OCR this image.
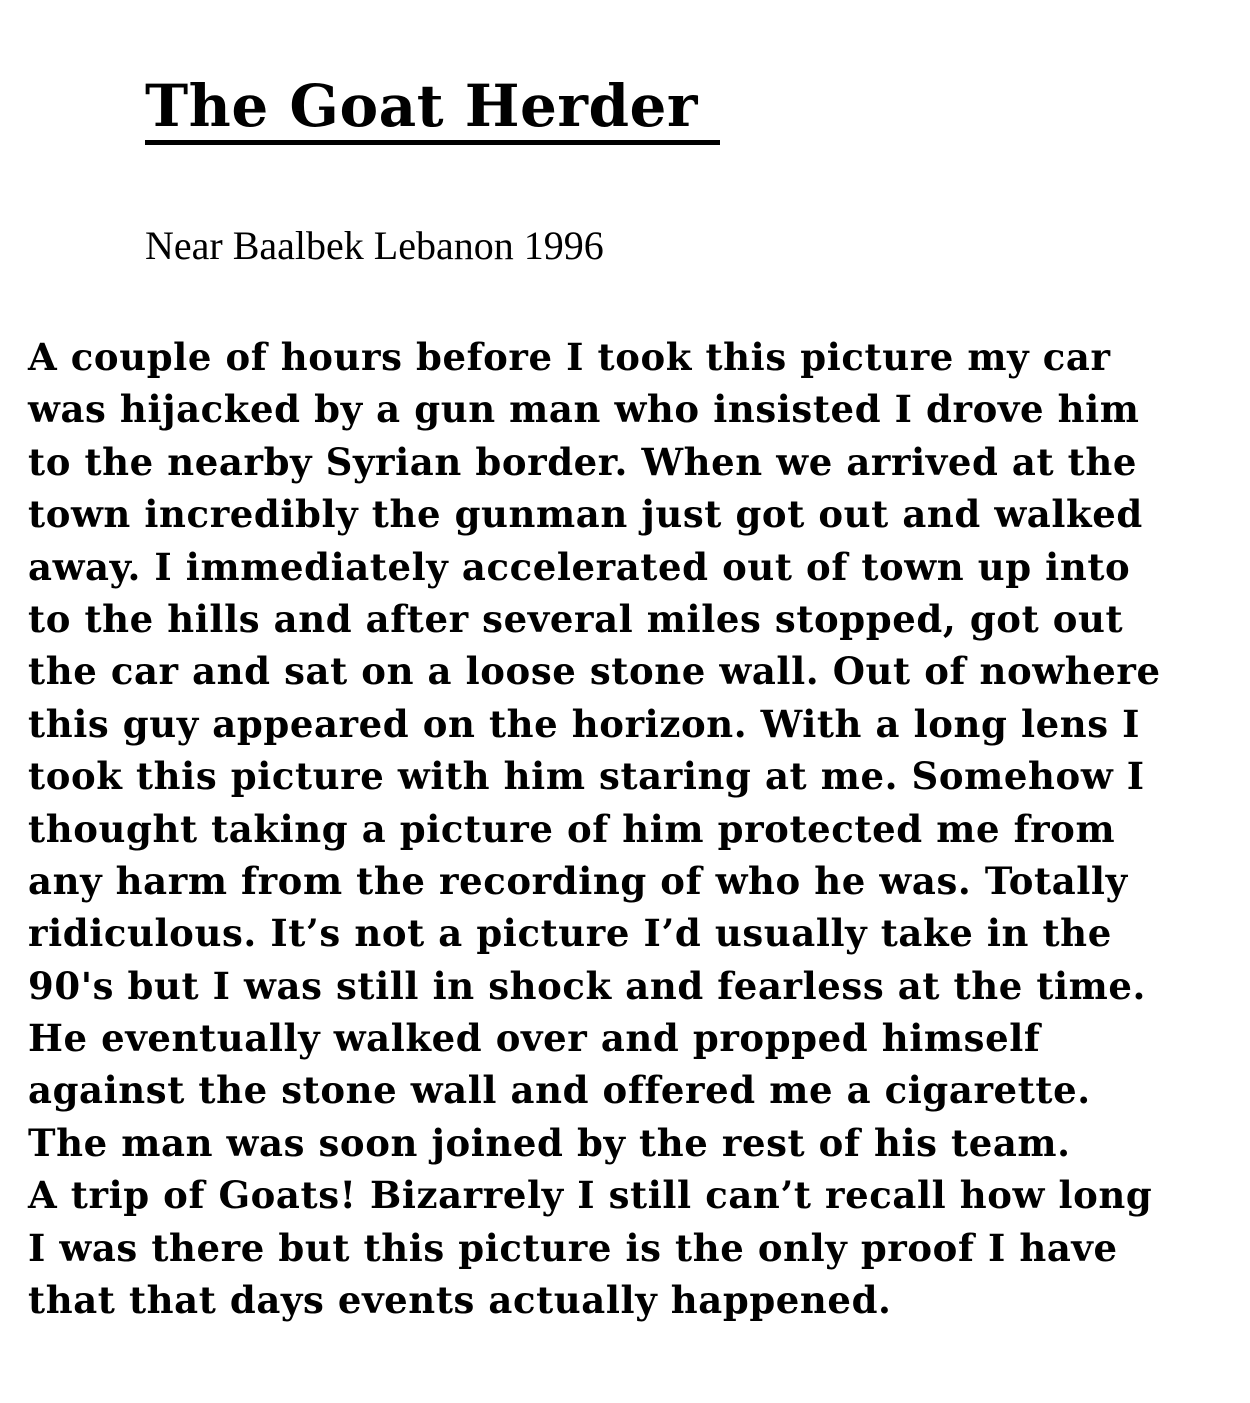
The Goat Herder

Near Baalbek Lebanon 1996

A couple of hours before I took this picture my car
was hijacked by a gun man who insisted I drove him
to the nearby Syrian border. When we arrived at the
town incredibly the gunman just got out and walked
away. I immediately accelerated out of town up into
to the hills and after several miles stopped, got out
the car and sat on a loose stone wall. Out of nowhere
this guy appeared on the horizon. With a long lens I
took this picture with him staring at me. Somehow I
thought taking a picture of him protected me from
any harm from the recording of who he was. Totally
ridiculous. It’s not a picture I’d usually take in the
90's but I was still in shock and fearless at the time.
He eventually walked over and propped himself
against the stone wall and offered me a cigarette.
The man was soon joined by the rest of his team.
A trip of Goats! Bizarrely I still can’t recall how long
I was there but this picture is the only proof I have
that that days events actually happened.
